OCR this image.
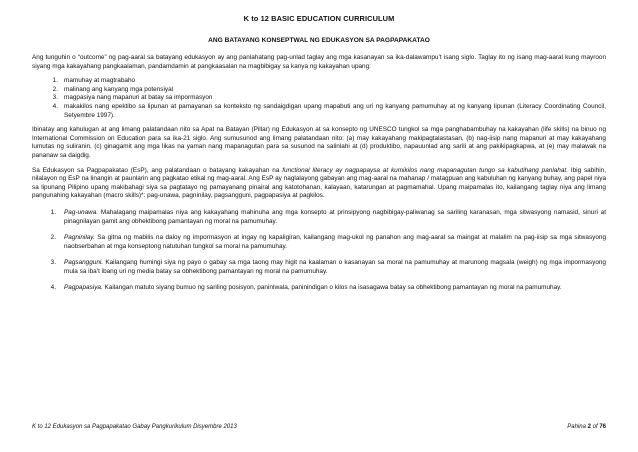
K to 12 BASIC EDUCATION CURRICULUM
ANG BATAYANG KONSEPTWAL NG EDUKASYON SA PAGPAPAKATAO

Ang tunguhin o “outcome” ng pag-aaral sa batayang edukasyon ay ang panlahatang pag-unlad taglay ang mga kasanayan sa ika-dalawampu’t isang siglo. Taglay ito ng isang mag-aaral kung mayroon siyang mga kakayahang pangkaalaman, pandamdamin at pangkaasalan na magbibigay sa kanya ng kakayahan upang:

1. mamuhay at magtrabaho
2. malinang ang kanyang mga potensiyal
3. magpasiya nang mapanuri at batay sa impormasyon
4. makakilos nang epektibo sa lipunan at pamayanan sa konteksto ng sandaigdigan upang mapabuti ang uri ng kanyang pamumuhay at ng kanyang lipunan (Literacy Coordinating Council, Setyembre 1997).

Ibinatay ang kahulugan at ang limang palatandaan nito sa Apat na Batayan (Pillar) ng Edukasyon at sa konsepto ng UNESCO tungkol sa mga panghabambuhay na kakayahan (life skills) na binuo ng International Commission on Education para sa ika-21 siglo. Ang sumusunod ang limang palatandaan nito: (a) may kakayahang makipagtalastasan, (b) nag-iisip nang mapanuri at may kakayahang lumutas ng suliranin, (c) ginagamit ang mga likas na yaman nang mapanagutan para sa susunod na salinlahi at (d) produktibo, napauunlad ang sarili at ang pakikipagkapwa, at (e) may malawak na pananaw sa daigdig.

Sa Edukasyon sa Pagpapakatao (EsP), ang palatandaan o batayang kakayahan na functional literacy ay nagpapaysa at kumikilos nang mapanagutan tungo sa kabutihang panlahat. Ibig sabihin, nilalayon ng EsP na linangin at paunlarin ang pagkatao etikal ng mag-aaral. Ang EsP ay naglalayong gabayan ang mag-aaral na mahanap / matagpuan ang kabuluhan ng kanyang buhay, ang papel niya sa lipunang Pilipino upang makibahagi siya sa pagtatayo ng pamayanang pinairal ang katotohanan, kalayaan, katarungan at pagmamahal. Upang maipamalas ito, kailangang taglay niya ang limang pangunahing kakayahan (macro skills)*: pag-unawa, pagninilay, pagsangguni, pagpapasiya at pagkilos.

1.	Pag-unawa. Mahalagang maipamalas niya ang kakayahang mahinuha ang mga konsepto at prinsipyong nagbibigay-paliwanag sa sariling karanasan, mga sitwasyong namasid, sinuri at pinagnilayan gamit ang obhektibong pamantayan ng moral na pamumuhay.
2.	Pagninilay. Sa gitna ng mabilis na daloy ng impormasyon at ingay ng kapaligiran, kailangang mag-ukol ng panahon ang mag-aaral sa maingat at malalim na pag-iisip sa mga sitwasyong naobserbahan at mga konseptong natutuhan tungkol sa moral na pamumuhay.
3.	Pagsangguni. Kailangang humingi siya ng payo o gabay sa mga taong may higit na kaalaman o kasanayan sa moral na pamumuhay at marunong magsala (weigh) ng mga impormasyong mula sa iba’t ibang uri ng media batay sa obhektibong pamantayan ng moral na pamumuhay.
4.	Pagpapasiya. Kailangan matuto siyang bumuo ng sariling posisyon, paninIwala, paninindigan o kilos na isasagawa batay sa obhektibong pamantayan ng moral na pamumuhay.
K to 12 Edukasyon sa Pagpapakatao Gabay Pangkurikulum Disyembre 2013	Pahina 2 of 76
